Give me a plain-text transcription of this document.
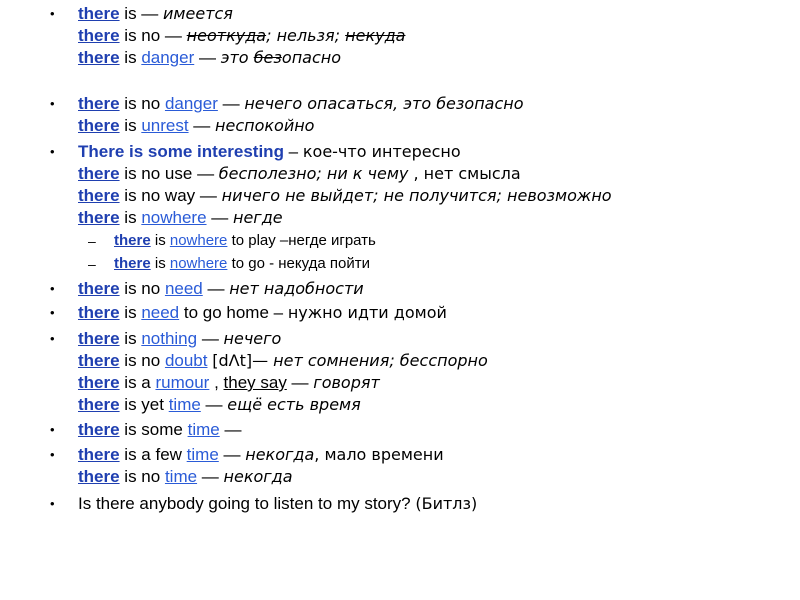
• there is — имеется
there is no — неоткуда; нельзя; некуда
there is danger — это безопасно
• there is no danger — нечего опасаться, это безопасно
there is unrest — неспокойно
• There is some interesting – кое-что интересно
there is no use — бесполезно; ни к чему , нет смысла
there is no way — ничего не выйдет; не получится; невозможно
there is nowhere — негде
– there is nowhere to play –негде играть
– there is nowhere to go - некуда пойти
• there is no need — нет надобности
• there is need to go home – нужно идти домой
• there is nothing — нечего
there is no doubt [dΛt]— нет сомнения; бесспорно
there is a rumour , they say — говорят
there is yet time — ещё есть время
• there is some time —
• there is a few time — некогда, мало времени
there is no time — некогда
• Is there anybody going to listen to my story? (Битлз)
